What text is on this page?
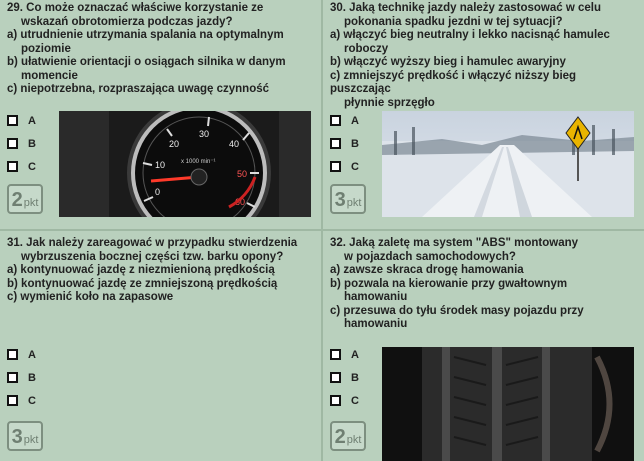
29. Co może oznaczać właściwe korzystanie ze
wskazań obrotomierza podczas jazdy?
a) utrudnienie utrzymania spalania na optymalnym
poziomie
b) ułatwienie orientacji o osiągach silnika w danym
momencie
c) niepotrzebna, rozpraszająca uwagę czynność
A
B
C
2 pkt
0
10
20
30
40
50
60
x 1000 min⁻¹
30. Jaką technikę jazdy należy zastosować w celu
pokonania spadku jezdni w tej sytuacji?
a) włączyć bieg neutralny i lekko nacisnąć hamulec
roboczy
b) włączyć wyższy bieg i hamulec awaryjny
c) zmniejszyć prędkość i włączyć niższy bieg puszczając
płynnie sprzęgło
A
B
C
3 pkt
31. Jak należy zareagować w przypadku stwierdzenia
wybrzuszenia bocznej części tzw. barku opony?
a) kontynuować jazdę z niezmienioną prędkością
b) kontynuować jazdę ze zmniejszoną prędkością
c) wymienić koło na zapasowe
A
B
C
3 pkt
32. Jaką zaletę ma system "ABS" montowany
w pojazdach samochodowych?
a) zawsze skraca drogę hamowania
b) pozwala na kierowanie przy gwałtownym
hamowaniu
c) przesuwa do tyłu środek masy pojazdu przy
hamowaniu
A
B
C
2 pkt
